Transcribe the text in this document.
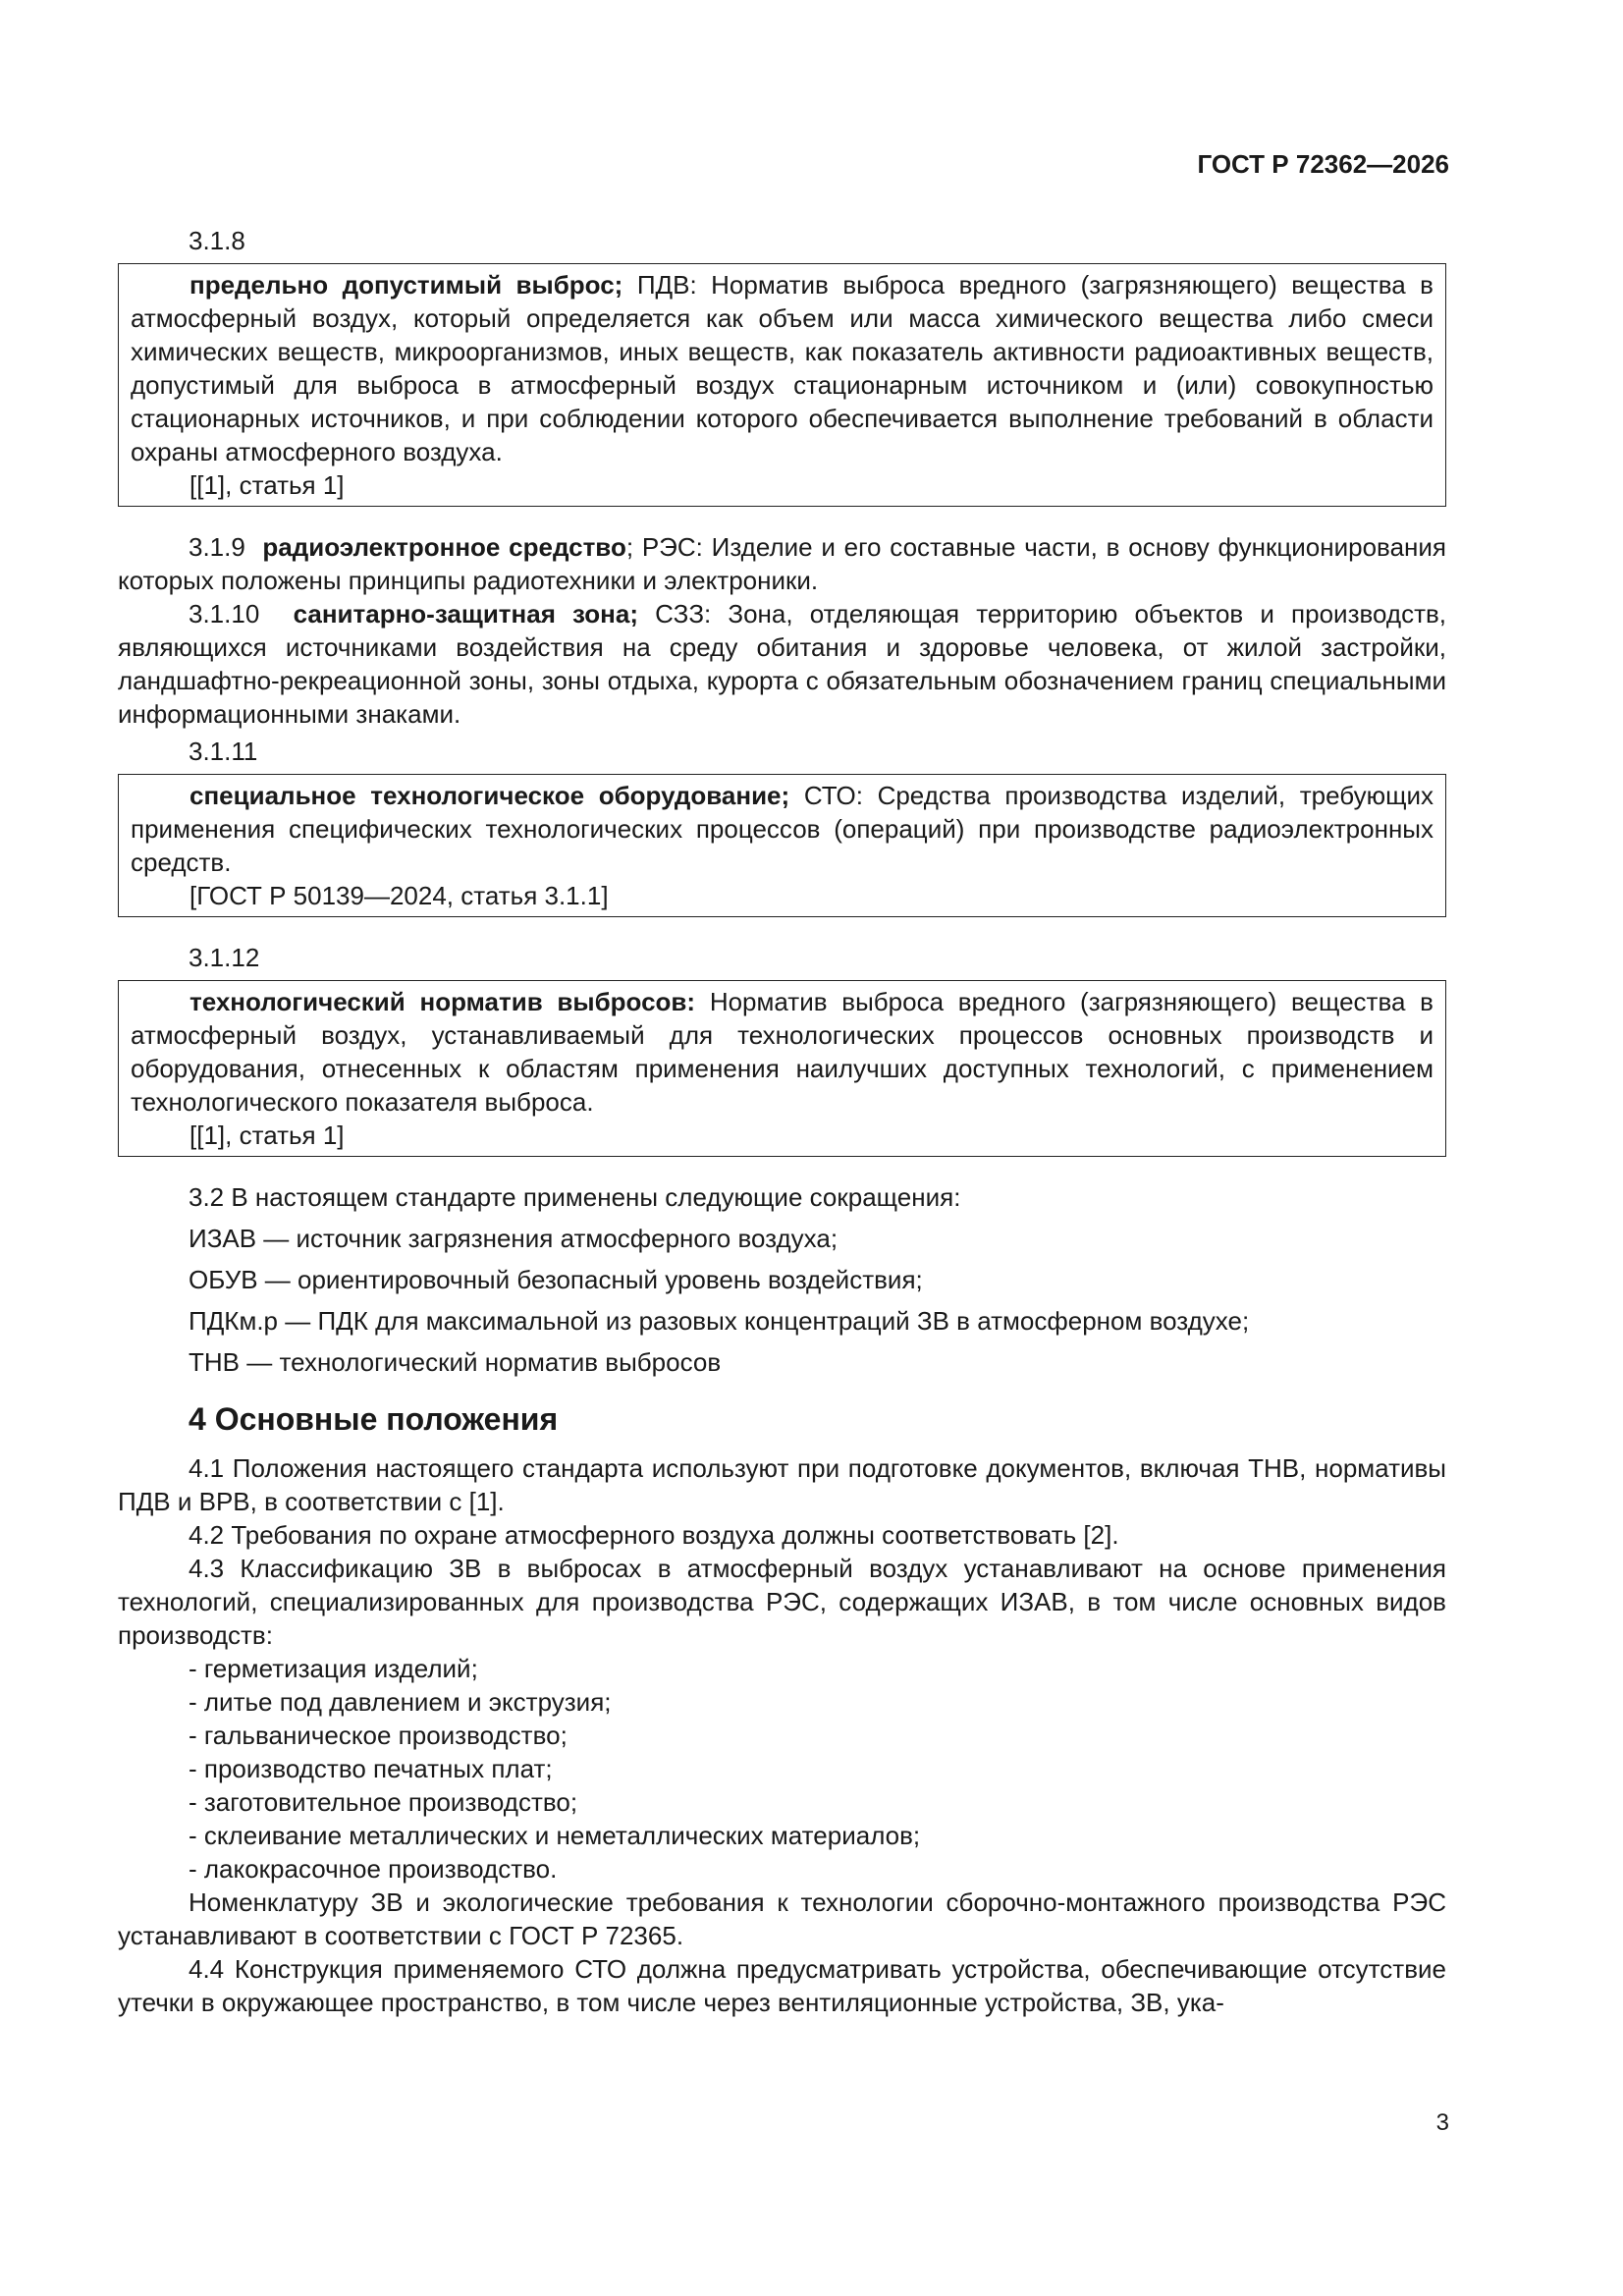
ГОСТ Р 72362—2026

3.1.8

предельно допустимый выброс; ПДВ: Норматив выброса вредного (загрязняющего) вещества в атмосферный воздух, который определяется как объем или масса химического вещества либо смеси химических веществ, микроорганизмов, иных веществ, как показатель активности радиоактивных веществ, допустимый для выброса в атмосферный воздух стационарным источником и (или) совокупностью стационарных источников, и при соблюдении которого обеспечивается выполнение требований в области охраны атмосферного воздуха.

[[1], статья 1]

3.1.9 радиоэлектронное средство; РЭС: Изделие и его составные части, в основу функционирования которых положены принципы радиотехники и электроники.

3.1.10 санитарно-защитная зона; СЗЗ: Зона, отделяющая территорию объектов и производств, являющихся источниками воздействия на среду обитания и здоровье человека, от жилой застройки, ландшафтно-рекреационной зоны, зоны отдыха, курорта с обязательным обозначением границ специальными информационными знаками.

3.1.11

специальное технологическое оборудование; СТО: Средства производства изделий, требующих применения специфических технологических процессов (операций) при производстве радиоэлектронных средств.

[ГОСТ Р 50139—2024, статья 3.1.1]

3.1.12

технологический норматив выбросов: Норматив выброса вредного (загрязняющего) вещества в атмосферный воздух, устанавливаемый для технологических процессов основных производств и оборудования, отнесенных к областям применения наилучших доступных технологий, с применением технологического показателя выброса.

[[1], статья 1]

3.2 В настоящем стандарте применены следующие сокращения:

ИЗАВ — источник загрязнения атмосферного воздуха;

ОБУВ — ориентировочный безопасный уровень воздействия;

ПДКм.р — ПДК для максимальной из разовых концентраций ЗВ в атмосферном воздухе;

ТНВ — технологический норматив выбросов

4 Основные положения

4.1 Положения настоящего стандарта используют при подготовке документов, включая ТНВ, нормативы ПДВ и ВРВ, в соответствии с [1].

4.2 Требования по охране атмосферного воздуха должны соответствовать [2].

4.3 Классификацию ЗВ в выбросах в атмосферный воздух устанавливают на основе применения технологий, специализированных для производства РЭС, содержащих ИЗАВ, в том числе основных видов производств:

- герметизация изделий;
- литье под давлением и экструзия;
- гальваническое производство;
- производство печатных плат;
- заготовительное производство;
- склеивание металлических и неметаллических материалов;
- лакокрасочное производство.

Номенклатуру ЗВ и экологические требования к технологии сборочно-монтажного производства РЭС устанавливают в соответствии с ГОСТ Р 72365.

4.4 Конструкция применяемого СТО должна предусматривать устройства, обеспечивающие отсутствие утечки в окружающее пространство, в том числе через вентиляционные устройства, ЗВ, ука-

3
